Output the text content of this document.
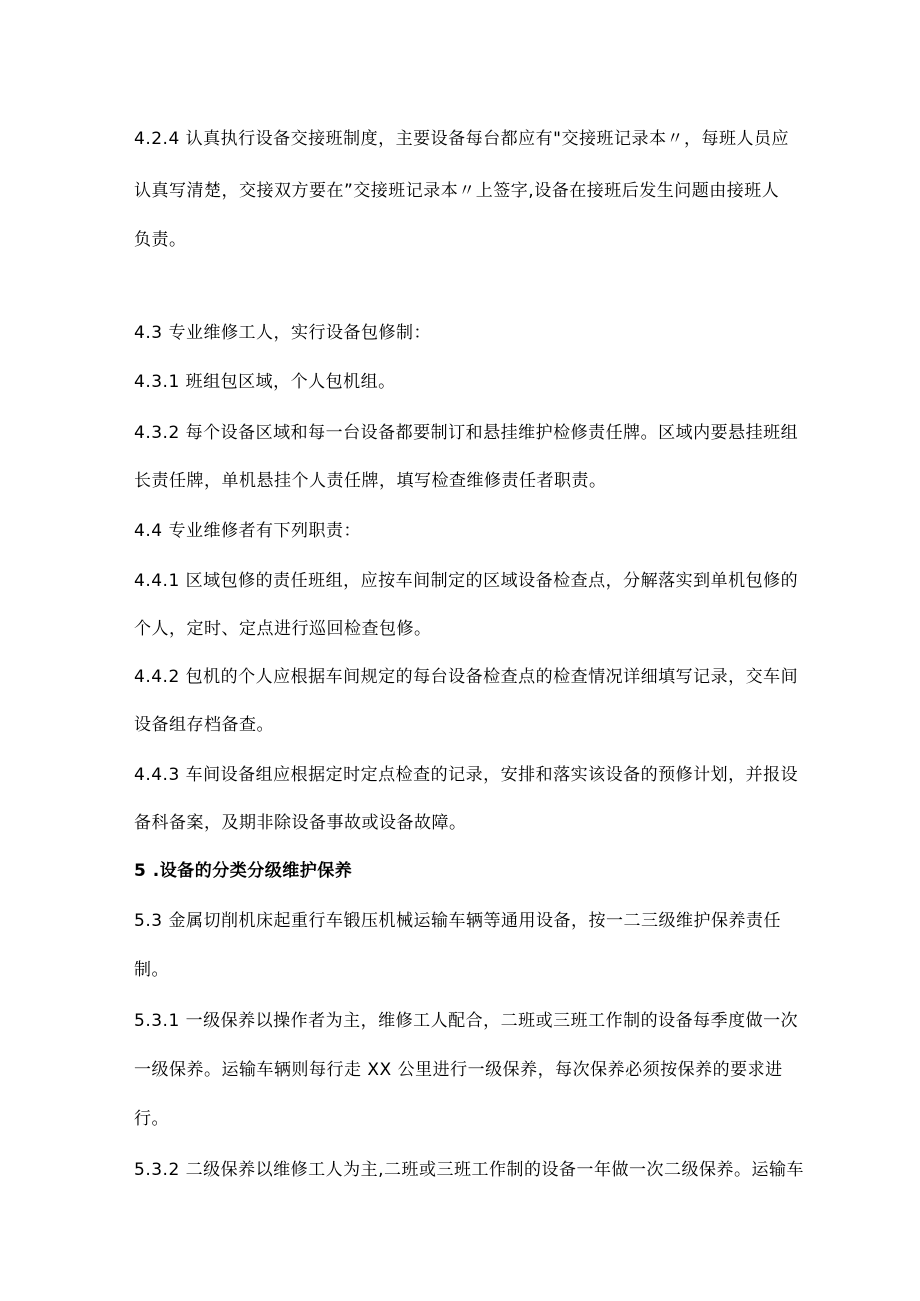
4.2.4 认真执行设备交接班制度，主要设备每台都应有"交接班记录本〃，每班人员应
认真写清楚，交接双方要在”交接班记录本〃上签字,设备在接班后发生问题由接班人
负责。
4.3 专业维修工人，实行设备包修制：
4.3.1 班组包区域，个人包机组。
4.3.2 每个设备区域和每一台设备都要制订和悬挂维护检修责任牌。区域内要悬挂班组
长责任牌，单机悬挂个人责任牌，填写检查维修责任者职责。
4.4 专业维修者有下列职责：
4.4.1 区域包修的责任班组，应按车间制定的区域设备检查点，分解落实到单机包修的
个人，定时、定点进行巡回检查包修。
4.4.2 包机的个人应根据车间规定的每台设备检查点的检查情况详细填写记录，交车间
设备组存档备查。
4.4.3 车间设备组应根据定时定点检查的记录，安排和落实该设备的预修计划，并报设
备科备案，及期非除设备事故或设备故障。
5 .设备的分类分级维护保养
5.3 金属切削机床起重行车锻压机械运输车辆等通用设备，按一二三级维护保养责任
制。
5.3.1 一级保养以操作者为主，维修工人配合，二班或三班工作制的设备每季度做一次
一级保养。运输车辆则每行走 XX 公里进行一级保养，每次保养必须按保养的要求进
行。
5.3.2 二级保养以维修工人为主,二班或三班工作制的设备一年做一次二级保养。运输车
